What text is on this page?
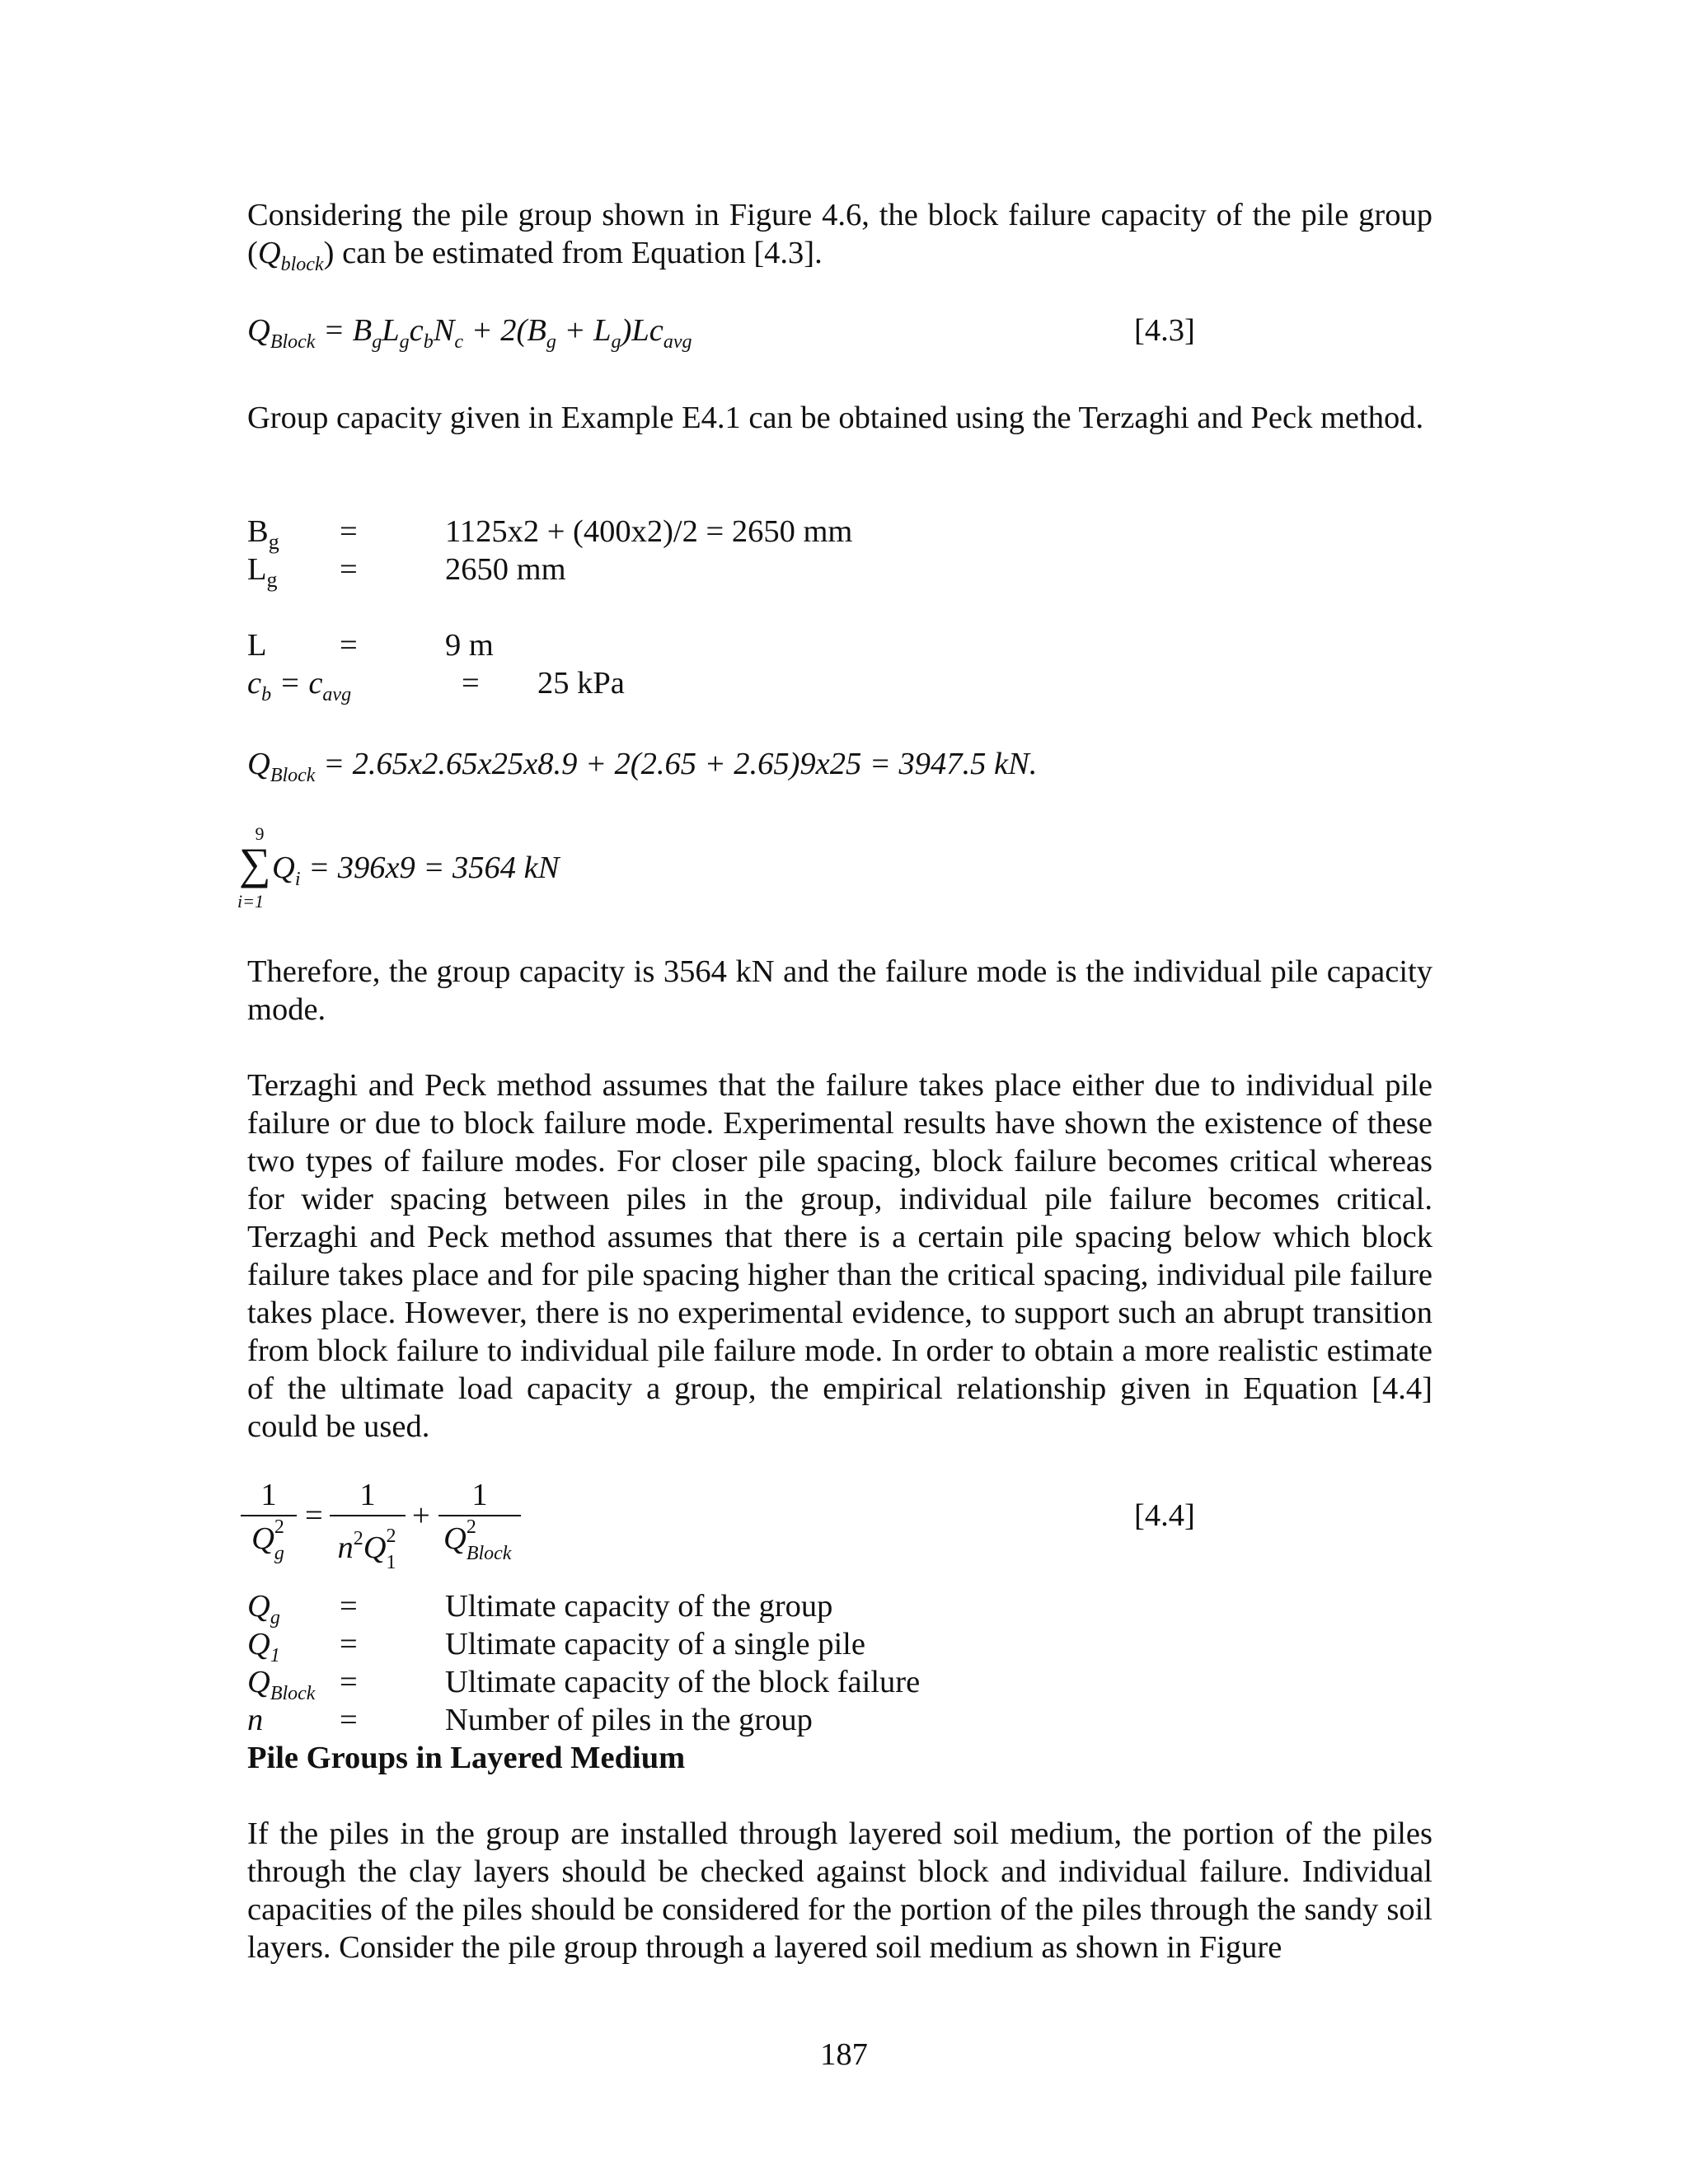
Considering the pile group shown in Figure 4.6, the block failure capacity of the pile group $(Q_{block})$ can be estimated from Equation [4.3].

$Q_{Block} = B_gL_gc_bN_c + 2(B_g + L_g)Lc_{avg}$	[4.3]

Group capacity given in Example E4.1 can be obtained using the Terzaghi and Peck method.

$B_g$ =	1125x2 + (400x2)/2 = 2650 mm
$L_g$ =	2650 mm
L =	9 m
$c_b = c_{avg}$	= 25 kPa
$Q_{Block} = 2.65x2.65x25x8.9 + 2(2.65 + 2.65)9x25 = 3947.5$ kN.
9
∑
i=1
$Q_i = 396x9 = 3564$ kN

Therefore, the group capacity is 3564 kN and the failure mode is the individual pile capacity mode.

Terzaghi and Peck method assumes that the failure takes place either due to individual pile failure or due to block failure mode. Experimental results have shown the existence of these two types of failure modes. For closer pile spacing, block failure becomes critical whereas for wider spacing between piles in the group, individual pile failure becomes critical. Terzaghi and Peck method assumes that there is a certain pile spacing below which block failure takes place and for pile spacing higher than the critical spacing, individual pile failure takes place. However, there is no experimental evidence, to support such an abrupt transition from block failure to individual pile failure mode. In order to obtain a more realistic estimate of the ultimate load capacity a group, the empirical relationship given in Equation [4.4] could be used.

1
Q 2
g
=
1
$n^2Q$ 2
1
+
1
Q 2
Block
[4.4]
$Q_g$ =	Ultimate capacity of the group
$Q_1$ =	Ultimate capacity of a single pile
$Q_{Block}$ =	Ultimate capacity of the block failure
n =	Number of piles in the group
Pile Groups in Layered Medium

If the piles in the group are installed through layered soil medium, the portion of the piles through the clay layers should be checked against block and individual failure. Individual capacities of the piles should be considered for the portion of the piles through the sandy soil layers. Consider the pile group through a layered soil medium as shown in Figure

187
